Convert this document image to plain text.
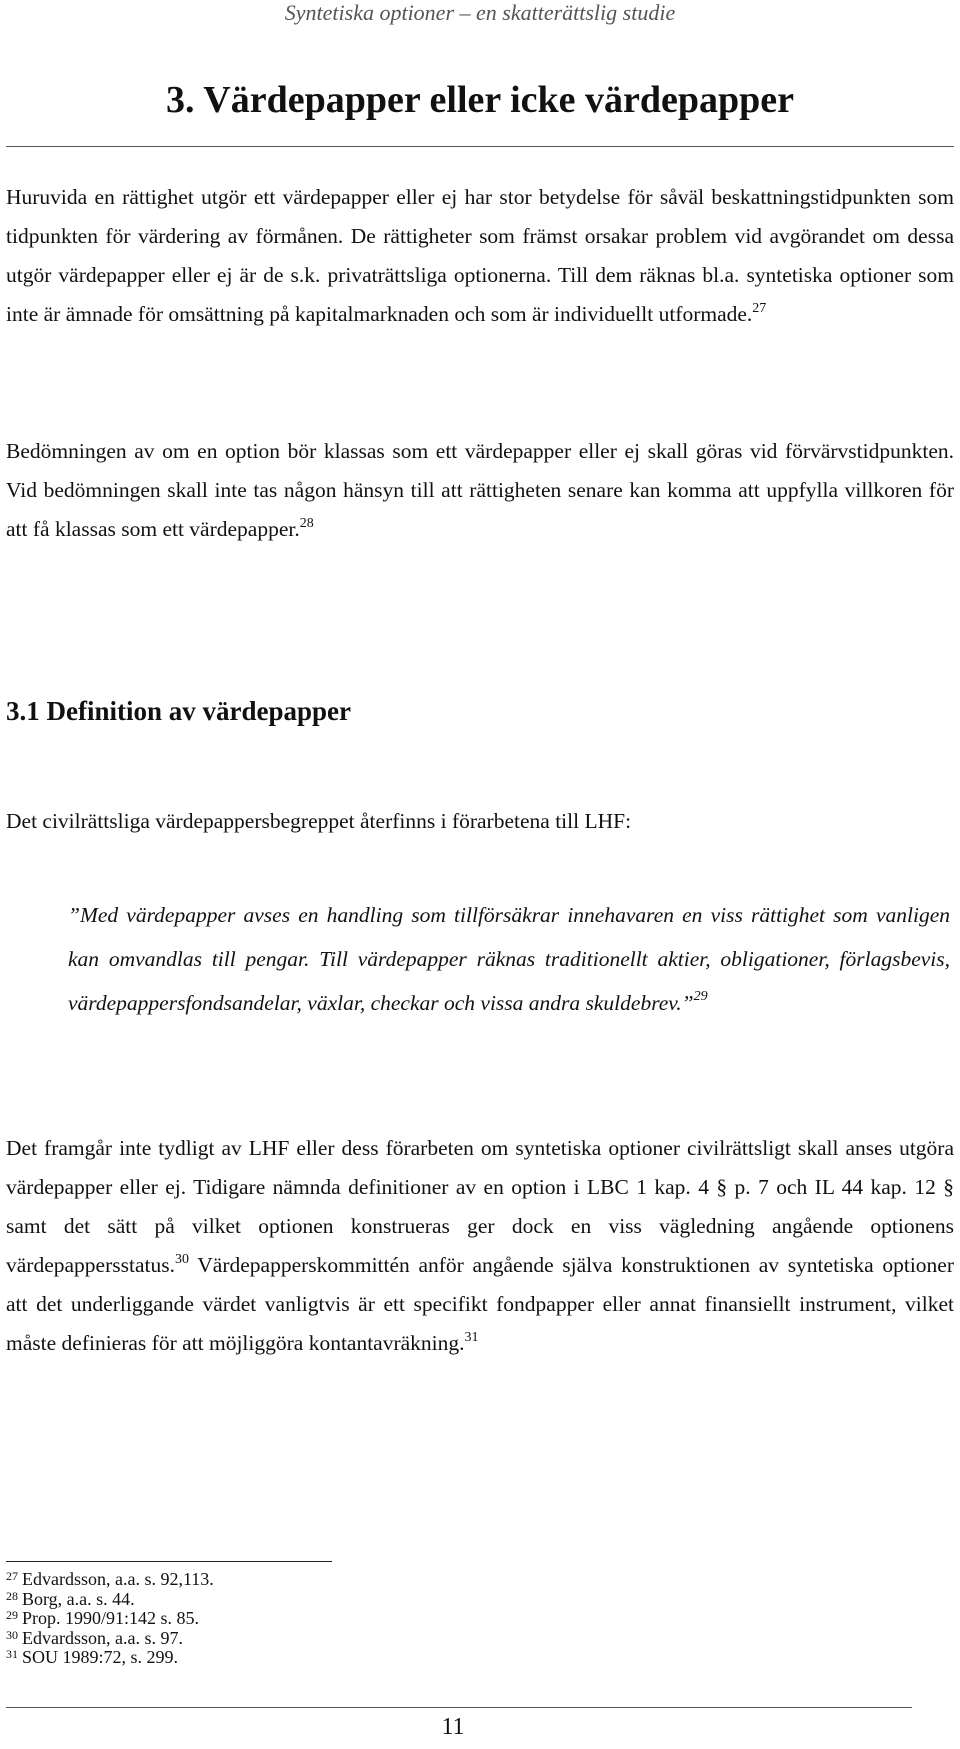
Syntetiska optioner – en skatterättslig studie
3. Värdepapper eller icke värdepapper
Huruvida en rättighet utgör ett värdepapper eller ej har stor betydelse för såväl beskattningstidpunkten som tidpunkten för värdering av förmånen. De rättigheter som främst orsakar problem vid avgörandet om dessa utgör värdepapper eller ej är de s.k. privaträttsliga optionerna. Till dem räknas bl.a. syntetiska optioner som inte är ämnade för omsättning på kapitalmarknaden och som är individuellt utformade.$^{27}$
Bedömningen av om en option bör klassas som ett värdepapper eller ej skall göras vid förvärvstidpunkten. Vid bedömningen skall inte tas någon hänsyn till att rättigheten senare kan komma att uppfylla villkoren för att få klassas som ett värdepapper.$^{28}$
3.1 Definition av värdepapper
Det civilrättsliga värdepappersbegreppet återfinns i förarbetena till LHF:
”Med värdepapper avses en handling som tillförsäkrar innehavaren en viss rättighet som vanligen kan omvandlas till pengar. Till värdepapper räknas traditionellt aktier, obligationer, förlagsbevis, värdepappersfondsandelar, växlar, checkar och vissa andra skuldebrev.”$^{29}$
Det framgår inte tydligt av LHF eller dess förarbeten om syntetiska optioner civilrättsligt skall anses utgöra värdepapper eller ej. Tidigare nämnda definitioner av en option i LBC 1 kap. 4 § p. 7 och IL 44 kap. 12 § samt det sätt på vilket optionen konstrueras ger dock en viss vägledning angående optionens värdepappersstatus.$^{30}$ Värdepapperskommittén anför angående själva konstruktionen av syntetiska optioner att det underliggande värdet vanligtvis är ett specifikt fondpapper eller annat finansiellt instrument, vilket måste definieras för att möjliggöra kontantavräkning.$^{31}$
$^{27}$ Edvardsson, a.a. s. 92,113.
$^{28}$ Borg, a.a. s. 44.
$^{29}$ Prop. 1990/91:142 s. 85.
$^{30}$ Edvardsson, a.a. s. 97.
$^{31}$ SOU 1989:72, s. 299.
11
